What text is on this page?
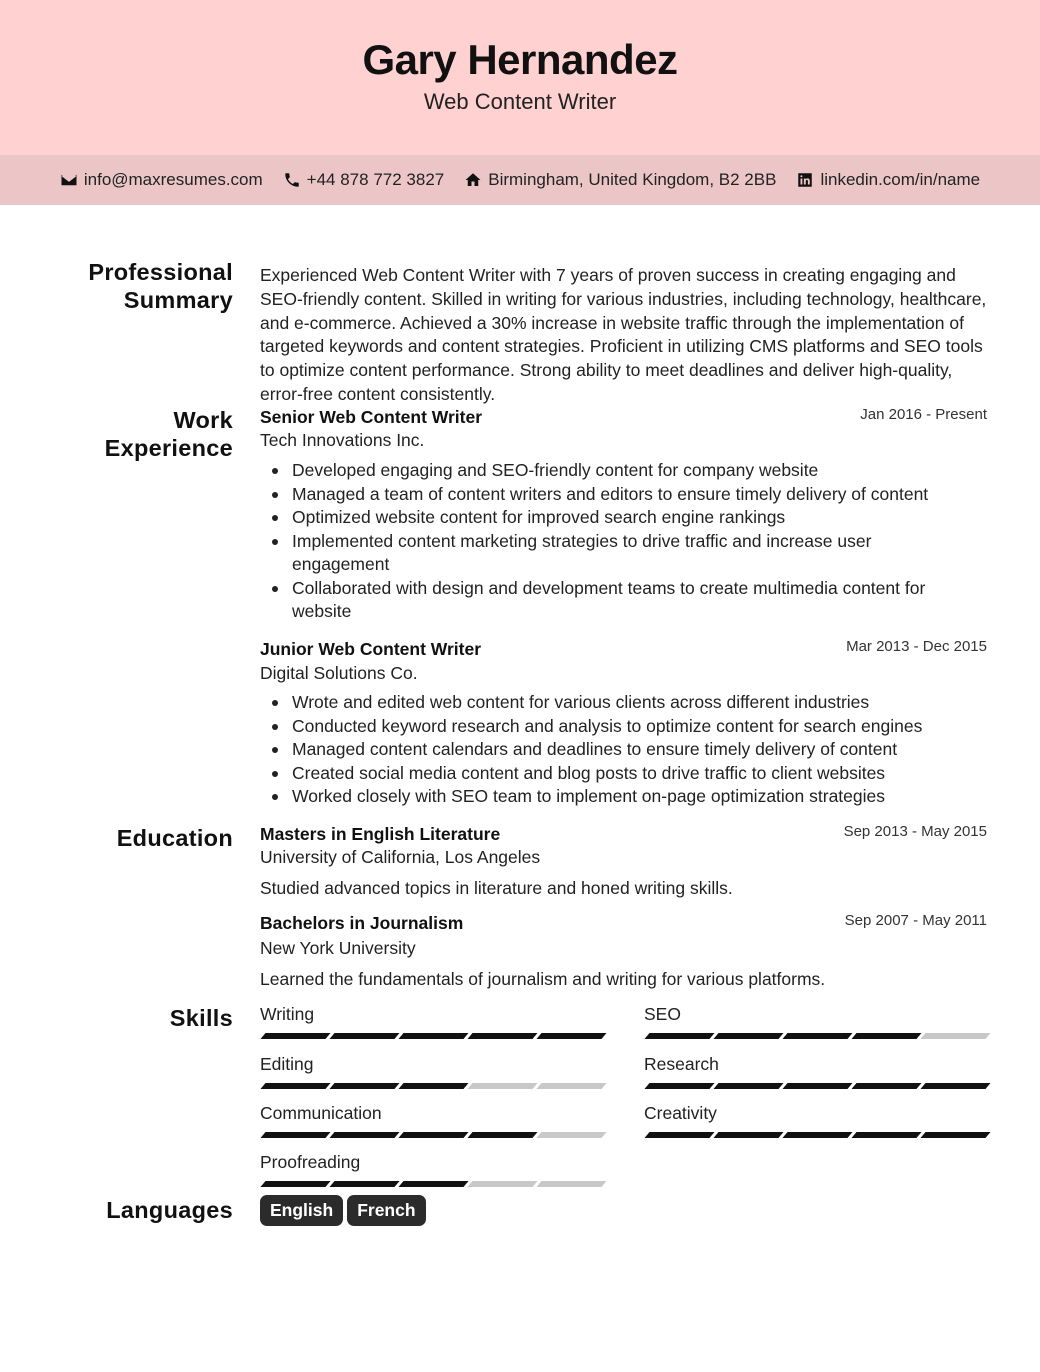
Gary Hernandez
Web Content Writer
info@maxresumes.com	+44 878 772 3827	Birmingham, United Kingdom, B2 2BB	linkedin.com/in/name
Professional
Summary
Experienced Web Content Writer with 7 years of proven success in creating engaging and SEO-friendly content. Skilled in writing for various industries, including technology, healthcare, and e-commerce. Achieved a 30% increase in website traffic through the implementation of targeted keywords and content strategies. Proficient in utilizing CMS platforms and SEO tools to optimize content performance. Strong ability to meet deadlines and deliver high-quality, error-free content consistently.
Work
Experience
Senior Web Content Writer	Jan 2016 - Present
Tech Innovations Inc.
Developed engaging and SEO-friendly content for company website
Managed a team of content writers and editors to ensure timely delivery of content
Optimized website content for improved search engine rankings
Implemented content marketing strategies to drive traffic and increase user engagement
Collaborated with design and development teams to create multimedia content for website
Junior Web Content Writer	Mar 2013 - Dec 2015
Digital Solutions Co.
Wrote and edited web content for various clients across different industries
Conducted keyword research and analysis to optimize content for search engines
Managed content calendars and deadlines to ensure timely delivery of content
Created social media content and blog posts to drive traffic to client websites
Worked closely with SEO team to implement on-page optimization strategies
Education Masters in English Literature	Sep 2013 - May 2015
University of California, Los Angeles
Studied advanced topics in literature and honed writing skills.
Bachelors in Journalism	Sep 2007 - May 2011
New York University
Learned the fundamentals of journalism and writing for various platforms.
Skills Writing	SEO
Editing	Research
Communication	Creativity
Proofreading
Languages	English French
